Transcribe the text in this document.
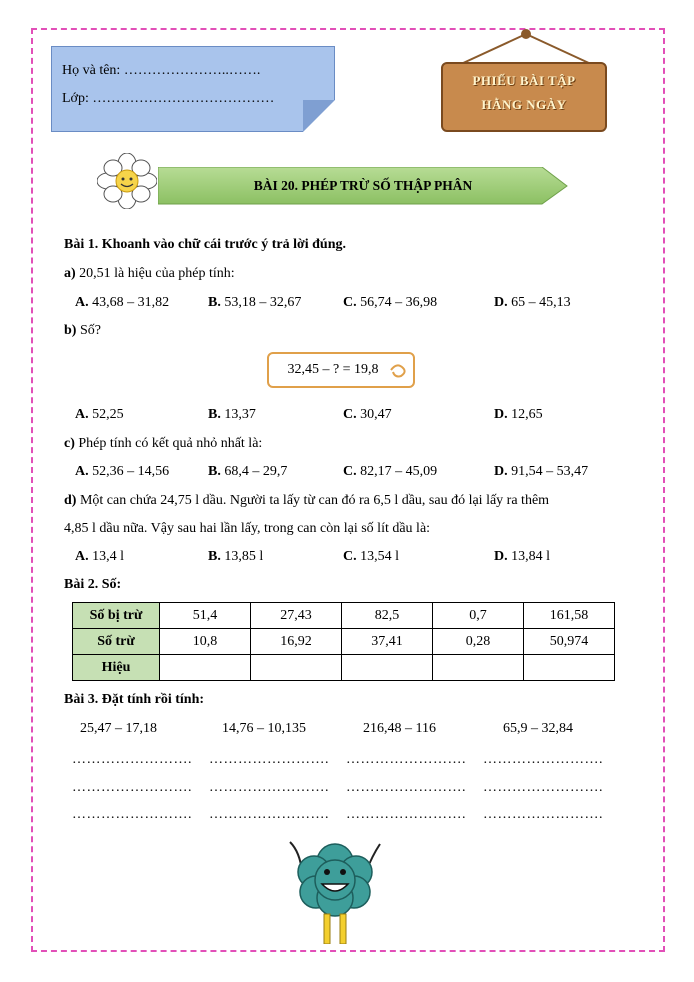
Họ và tên: …………………..…….
Lớp: …………………………………
PHIẾU BÀI TẬP
HẰNG NGÀY
BÀI 20. PHÉP TRỪ SỐ THẬP PHÂN
Bài 1. Khoanh vào chữ cái trước ý trả lời đúng.
a) 20,51 là hiệu của phép tính:
A. 43,68 – 31,82	B. 53,18 – 32,67	C. 56,74 – 36,98	D. 65 – 45,13
b) Số?
32,45 – ? = 19,8
A. 52,25	B. 13,37	C. 30,47	D. 12,65
c) Phép tính có kết quả nhỏ nhất là:
A. 52,36 – 14,56	B. 68,4 – 29,7	C. 82,17 – 45,09	D. 91,54 – 53,47
d) Một can chứa 24,75 l dầu. Người ta lấy từ can đó ra 6,5 l dầu, sau đó lại lấy ra thêm
4,85 l dầu nữa. Vậy sau hai lần lấy, trong can còn lại số lít dầu là:
A. 13,4 l	B. 13,85 l	C. 13,54 l	D. 13,84 l
Bài 2. Số:
Số bị trừ	51,4	27,43	82,5	0,7	161,58
Số trừ	10,8	16,92	37,41	0,28	50,974
Hiệu					
Bài 3. Đặt tính rồi tính:
25,47 – 17,18	14,76 – 10,135	216,48 – 116	65,9 – 32,84
……………………. ……………………. ……………………. …………………….
……………………. ……………………. ……………………. …………………….
……………………. ……………………. ……………………. …………………….
